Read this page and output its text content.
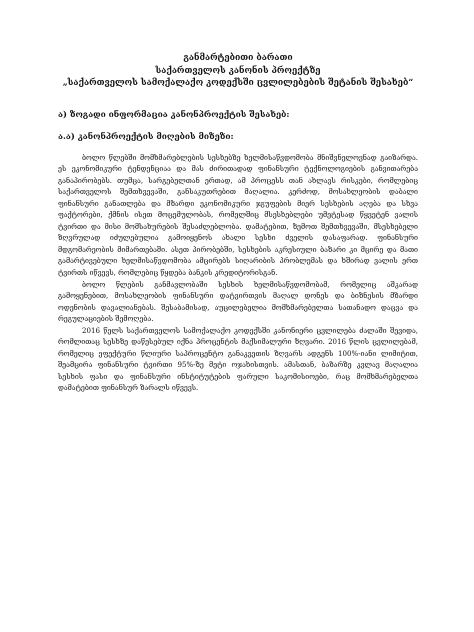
განმარტებითი ბარათი

საქართველოს კანონის პროექტზე

„საქართველოს სამოქალაქო კოდექსში ცვლილებების შეტანის შესახებ“

ა) ზოგადი ინფორმაცია კანონპროექტის შესახებ:

ა.ა) კანონპროექტის მიღების მიზეზი:

ბოლო წლებში მომხმარებლების სესხებზე ხელმისაწვდომობა მნიშვნელოვნად გაიზარდა. ეს ეკონომიკური ტენდენციაა და მას ძირითადად ფინანსური ტექნოლოგიების განვითარება განაპირობებს. თუმცა, სარგებელთან ერთად, ამ პროცესს თან ახლავს რისკები, რომლებიც საქართველოს შემთხვევაში, განსაკუთრებით მაღალია. კერძოდ, მოსახლეობის დაბალი ფინანსური განათლება და მზარდი ეკონომიკური ჯგუფების მიერ სესხების აღება და სხვა ფაქტორები, ქმნის ისეთ მოცემულობას, რომელშიც მსესხებლები უმეტესად წყვეტენ ვალის ტვირთი და მისი მომსახურების შესაძლებლობა. დამატებით, ზემოთ შემთხვევაში, მსესხებელი ზღვრულად იძულებულია გამოიყენოს ახალი სესხი ძველის დასაფარად. ფინანსური მდგომარეობის მიმართებაში. ასეთ პირობებში, სესხების აკრესიული ბაზარი კი მცირე და მათი გამარტივებული ხელმისაწვდომობა ამცირებს სიღარიბის პრობლემას და ხშირად ვალის ერთ ტვირთს იწვევს, რომლებიც წყდება ბანკის კრედიტორისგან.

ბოლო წლების განმავლობაში სესხის ხელმისაწვდომობამ, რომელიც აშკარად გამოყენებით, მოსახლეობის ფინანსური დატვირთვის მაღალ დონეს და ბიზნესის მზარდი ოდენობის დავალიანებას. შესაბამისად, აუცილებელია მომხმარებელთა სათანადო დაცვა და რეგულაციების შემოღება.

2016 წელს საქართველოს სამოქალაქო კოდექსში კანონიერი ცვლილება ძალაში შევიდა, რომლითაც სესხზე დაწესებულ იქნა პროცენტის მაქსიმალური ზღვარი. 2016 წლის ცვლილებამ, რომელიც ეფექტური წლიური საპროცენტო განაკვეთის ზღვარს ადგენს 100%-იანი ლიმიტით, შეამცირა ფინანსური ტვირთი 95%-ზე მეტი ოჯახისთვის. ამასთან, ბაზარზე კვლავ მაღალია სესხის ფასი და ფინანსური ინსტიტუტების ფარული საკომისიოები, რაც მომხმარებელთა დამატებით ფინანსურ ზარალს იწვევს.
